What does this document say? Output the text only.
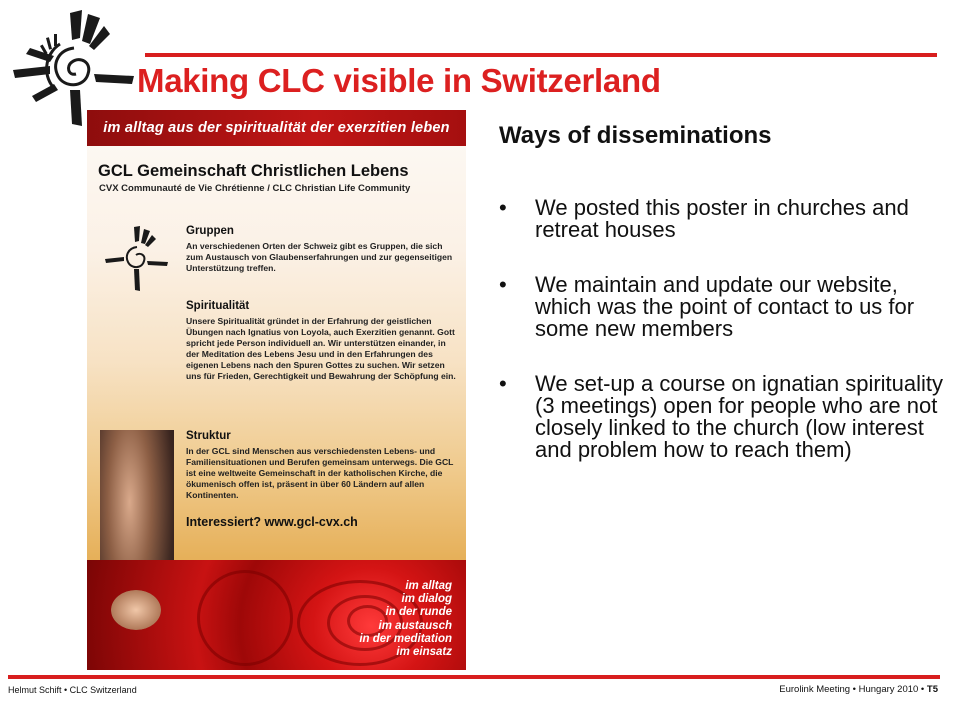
Making CLC visible in Switzerland
im alltag aus der spiritualität der exerzitien leben
GCL Gemeinschaft Christlichen Lebens
CVX Communauté de Vie Chrétienne / CLC Christian Life Community
Gruppen
An verschiedenen Orten der Schweiz gibt es Gruppen, die sich zum Austausch von Glaubenserfahrungen und zur gegenseitigen Unterstützung treffen.
Spiritualität
Unsere Spiritualität gründet in der Erfahrung der geistlichen Übungen nach Ignatius von Loyola, auch Exerzitien genannt. Gott spricht jede Person individuell an. Wir unterstützen einander, in der Meditation des Lebens Jesu und in den Erfahrungen des eigenen Lebens nach den Spuren Gottes zu suchen. Wir setzen uns für Frieden, Gerechtigkeit und Bewahrung der Schöpfung ein.
Struktur
In der GCL sind Menschen aus verschiedensten Lebens- und Familiensituationen und Berufen gemeinsam unterwegs. Die GCL ist eine weltweite Gemeinschaft in der katholischen Kirche, die ökumenisch offen ist, präsent in über 60 Ländern auf allen Kontinenten.
Interessiert? www.gcl-cvx.ch
im alltag
im dialog
in der runde
im austausch
in der meditation
im einsatz
Ways of disseminations
• We posted this poster in churches and retreat houses
• We maintain and update our website, which was the point of contact to us for some new members
• We set-up a course on ignatian spirituality (3 meetings) open for people who are not closely linked to the church (low interest and problem how to reach them)
Helmut Schift • CLC Switzerland	Eurolink Meeting • Hungary 2010 • T5
